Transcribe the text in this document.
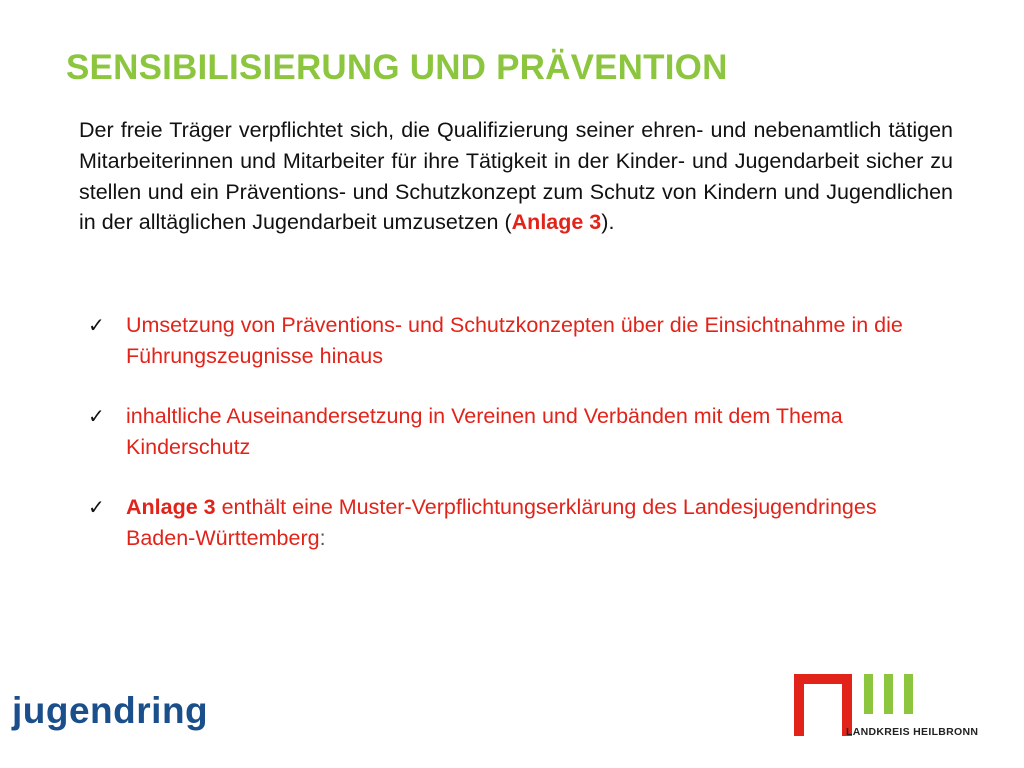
SENSIBILISIERUNG UND PRÄVENTION
Der freie Träger verpflichtet sich, die Qualifizierung seiner ehren- und nebenamtlich tätigen Mitarbeiterinnen und Mitarbeiter für ihre Tätigkeit in der Kinder- und Jugendarbeit sicher zu stellen und ein Präventions- und Schutzkonzept zum Schutz von Kindern und Jugendlichen in der alltäglichen Jugendarbeit umzusetzen (Anlage 3).
✓ Umsetzung von Präventions- und Schutzkonzepten über die Einsichtnahme in die Führungszeugnisse hinaus
✓ inhaltliche Auseinandersetzung in Vereinen und Verbänden mit dem Thema Kinderschutz
✓ Anlage 3 enthält eine Muster-Verpflichtungserklärung des Landesjugendringes Baden-Württemberg:
jugendring
LANDKREIS HEILBRONN
